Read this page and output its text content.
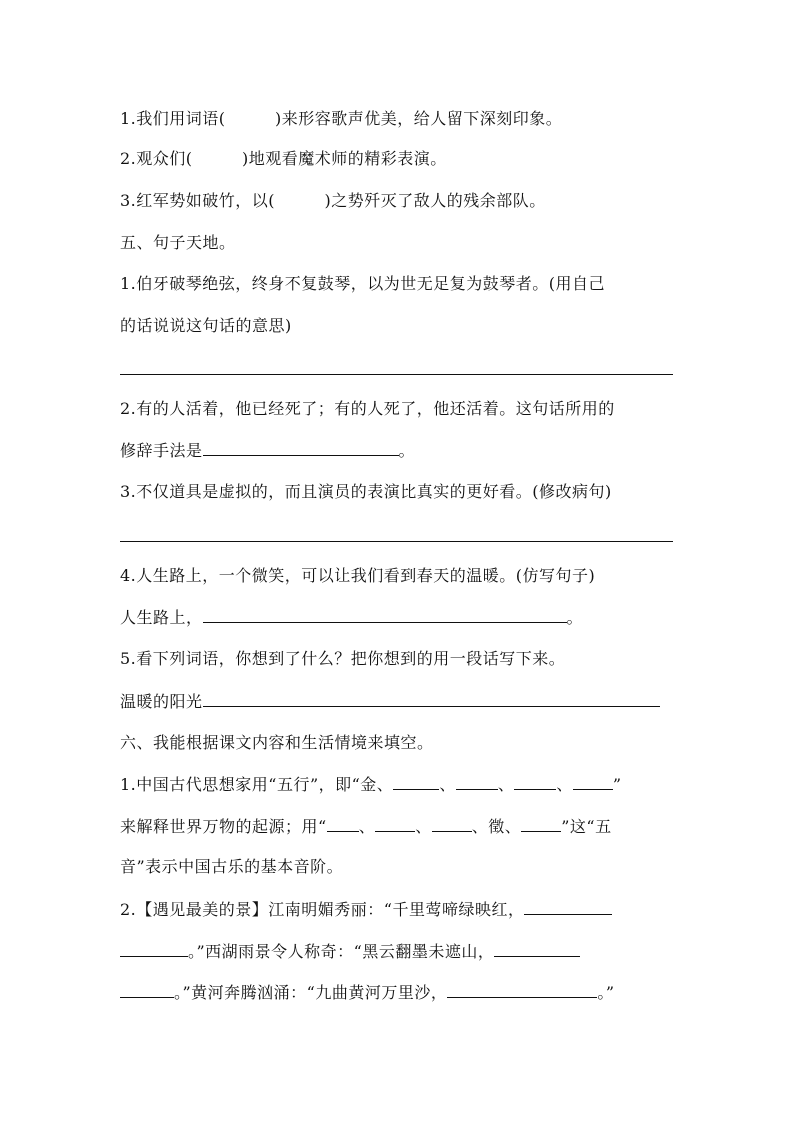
1.我们用词语(　　　)来形容歌声优美，给人留下深刻印象。
2.观众们(　　　)地观看魔术师的精彩表演。
3.红军势如破竹，以(　　　)之势歼灭了敌人的残余部队。
五、句子天地。
1.伯牙破琴绝弦，终身不复鼓琴，以为世无足复为鼓琴者。(用自己
的话说说这句话的意思)
2.有的人活着，他已经死了；有的人死了，他还活着。这句话所用的
修辞手法是	。
3.不仅道具是虚拟的，而且演员的表演比真实的更好看。(修改病句)
4.人生路上，一个微笑，可以让我们看到春天的温暖。(仿写句子)
人生路上，	。
5.看下列词语，你想到了什么？把你想到的用一段话写下来。
温暖的阳光
六、我能根据课文内容和生活情境来填空。
1.中国古代思想家用“五行”，即“金、	、	、	、	”
来解释世界万物的起源；用“ 、	、	、徵、	”这“五
音”表示中国古乐的基本音阶。
2.【遇见最美的景】江南明媚秀丽：“千里莺啼绿映红，
。”西湖雨景令人称奇：“黑云翻墨未遮山，
。”黄河奔腾汹涌：“九曲黄河万里沙，	。”
